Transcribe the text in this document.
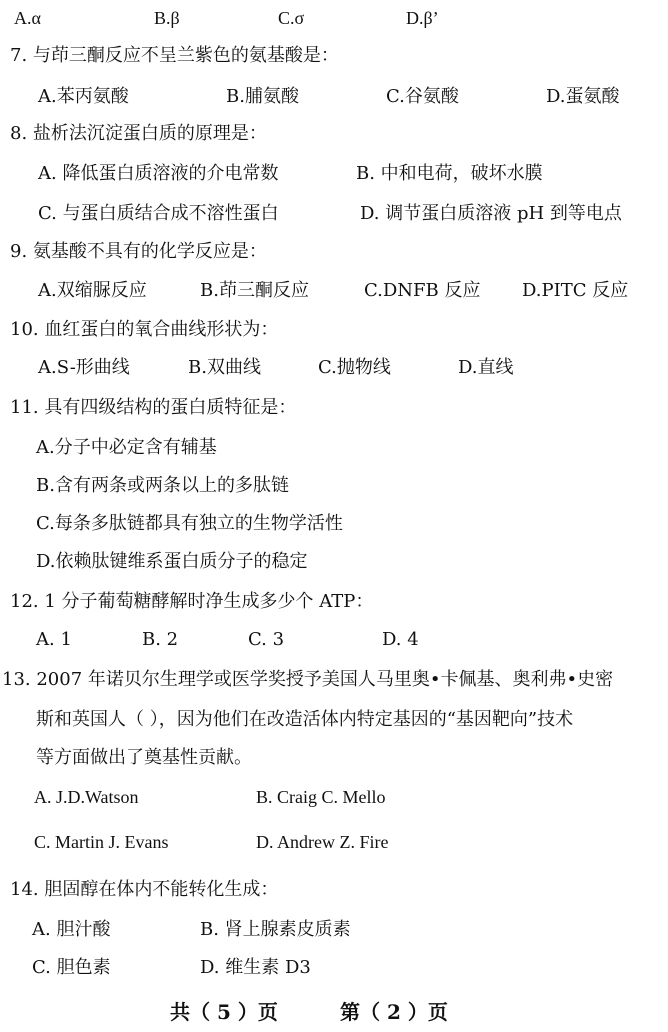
A.α	B.β	C.σ	D.β’
7. 与茚三酮反应不呈兰紫色的氨基酸是：
A.苯丙氨酸	B.脯氨酸	C.谷氨酸	D.蛋氨酸
8. 盐析法沉淀蛋白质的原理是：
A. 降低蛋白质溶液的介电常数	B. 中和电荷，破坏水膜
C. 与蛋白质结合成不溶性蛋白	D. 调节蛋白质溶液 pH 到等电点
9. 氨基酸不具有的化学反应是：
A.双缩脲反应	B.茚三酮反应	C.DNFB 反应 D.PITC 反应
10. 血红蛋白的氧合曲线形状为：
A.S-形曲线	B.双曲线	C.抛物线	D.直线
11. 具有四级结构的蛋白质特征是：
A.分子中必定含有辅基
B.含有两条或两条以上的多肽链
C.每条多肽链都具有独立的生物学活性
D.依赖肽键维系蛋白质分子的稳定
12. 1 分子葡萄糖酵解时净生成多少个 ATP：
A. 1	B. 2	C. 3	D. 4
13. 2007 年诺贝尔生理学或医学奖授予美国人马里奥•卡佩基、奥利弗•史密
斯和英国人（ ），因为他们在改造活体内特定基因的“基因靶向”技术
等方面做出了奠基性贡献。
A. J.D.Watson	B. Craig C. Mello
C. Martin J. Evans	D. Andrew Z. Fire
14. 胆固醇在体内不能转化生成：
A. 胆汁酸	B. 肾上腺素皮质素
C. 胆色素	D. 维生素 D3
共（ 5 ）页	第（ 2 ）页
